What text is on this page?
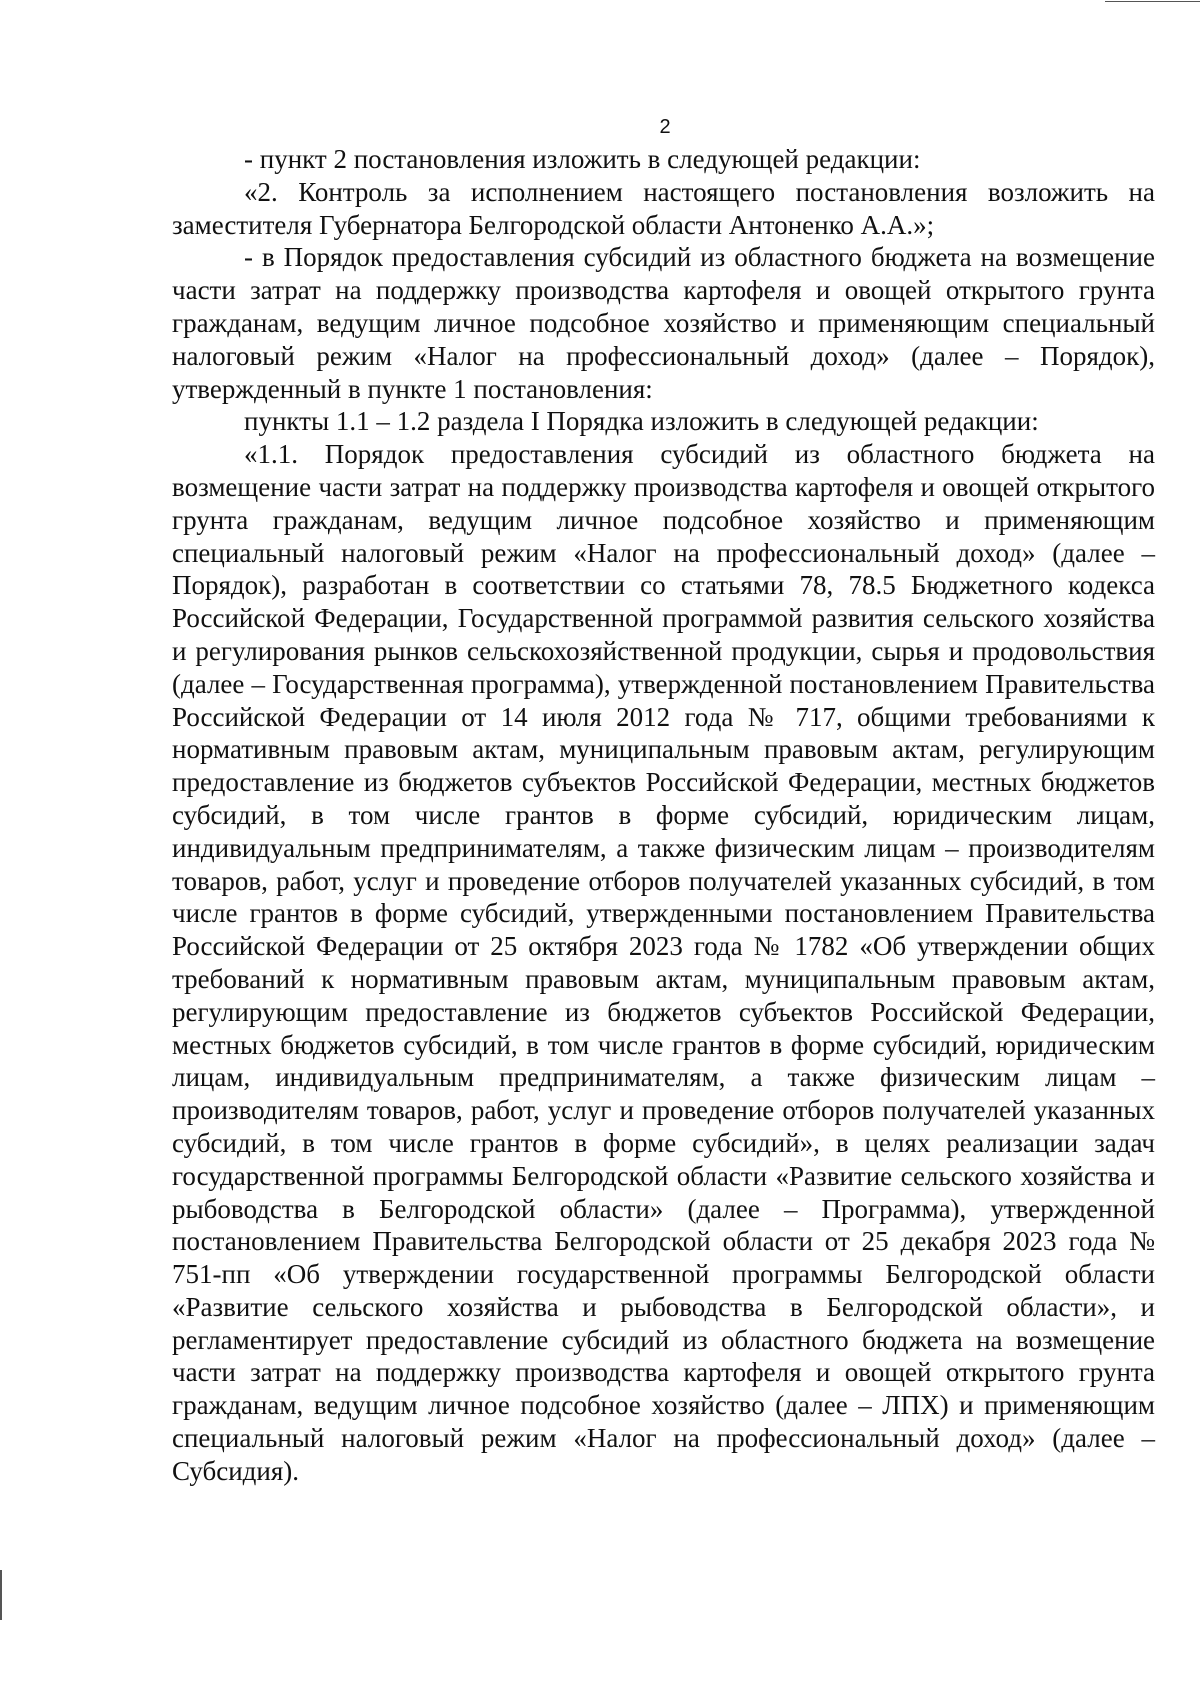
2

- пункт 2 постановления изложить в следующей редакции:

«2. Контроль за исполнением настоящего постановления возложить на заместителя Губернатора Белгородской области Антоненко А.А.»;

- в Порядок предоставления субсидий из областного бюджета на возмещение части затрат на поддержку производства картофеля и овощей открытого грунта гражданам, ведущим личное подсобное хозяйство и применяющим специальный налоговый режим «Налог на профессиональный доход» (далее – Порядок), утвержденный в пункте 1 постановления:

пункты 1.1 – 1.2 раздела I Порядка изложить в следующей редакции:

«1.1. Порядок предоставления субсидий из областного бюджета на возмещение части затрат на поддержку производства картофеля и овощей открытого грунта гражданам, ведущим личное подсобное хозяйство и применяющим специальный налоговый режим «Налог на профессиональный доход» (далее – Порядок), разработан в соответствии со статьями 78, 78.5 Бюджетного кодекса Российской Федерации, Государственной программой развития сельского хозяйства и регулирования рынков сельскохозяйственной продукции, сырья и продовольствия (далее – Государственная программа), утвержденной постановлением Правительства Российской Федерации от 14 июля 2012 года № 717, общими требованиями к нормативным правовым актам, муниципальным правовым актам, регулирующим предоставление из бюджетов субъектов Российской Федерации, местных бюджетов субсидий, в том числе грантов в форме субсидий, юридическим лицам, индивидуальным предпринимателям, а также физическим лицам – производителям товаров, работ, услуг и проведение отборов получателей указанных субсидий, в том числе грантов в форме субсидий, утвержденными постановлением Правительства Российской Федерации от 25 октября 2023 года № 1782 «Об утверждении общих требований к нормативным правовым актам, муниципальным правовым актам, регулирующим предоставление из бюджетов субъектов Российской Федерации, местных бюджетов субсидий, в том числе грантов в форме субсидий, юридическим лицам, индивидуальным предпринимателям, а также физическим лицам – производителям товаров, работ, услуг и проведение отборов получателей указанных субсидий, в том числе грантов в форме субсидий», в целях реализации задач государственной программы Белгородской области «Развитие сельского хозяйства и рыбоводства в Белгородской области» (далее – Программа), утвержденной постановлением Правительства Белгородской области от 25 декабря 2023 года № 751-пп «Об утверждении государственной программы Белгородской области «Развитие сельского хозяйства и рыбоводства в Белгородской области», и регламентирует предоставление субсидий из областного бюджета на возмещение части затрат на поддержку производства картофеля и овощей открытого грунта гражданам, ведущим личное подсобное хозяйство (далее – ЛПХ) и применяющим специальный налоговый режим «Налог на профессиональный доход» (далее – Субсидия).
